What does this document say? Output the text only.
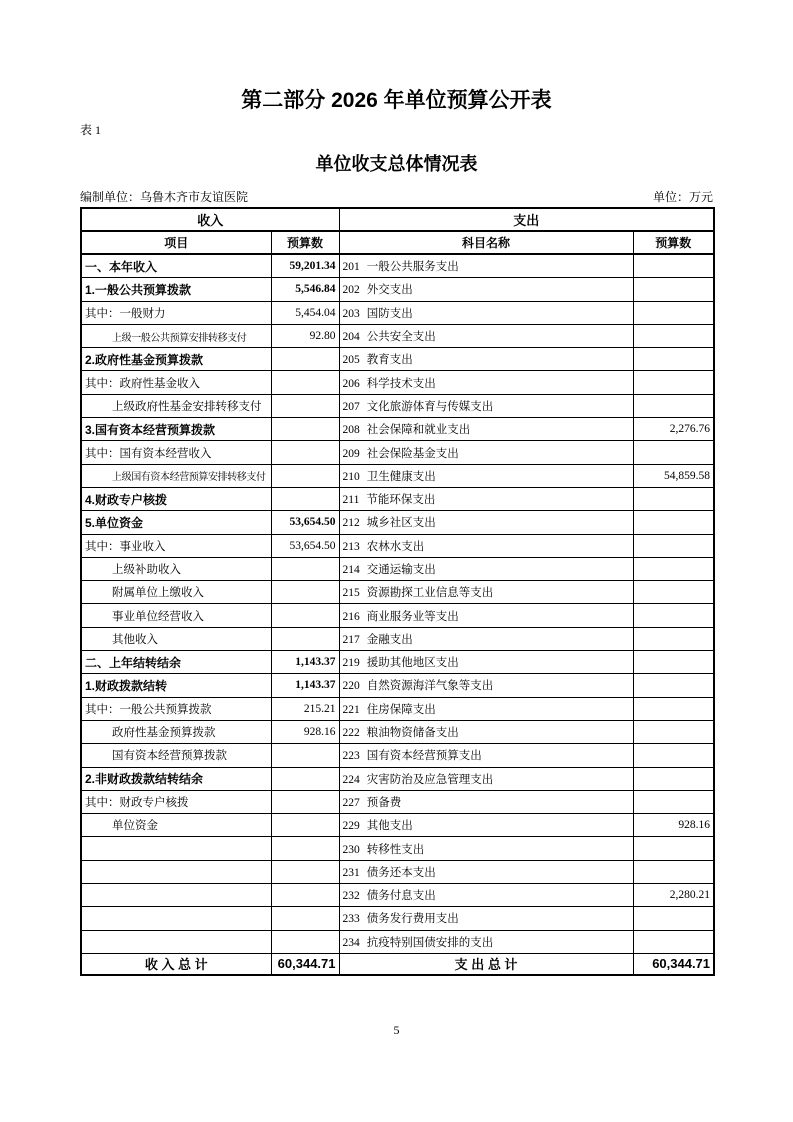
第二部分 2026 年单位预算公开表
表 1
单位收支总体情况表
编制单位：乌鲁木齐市友谊医院	单位：万元
收入		支出	
项目	预算数	科目名称	预算数
一、本年收入	59,201.34	201 一般公共服务支出	
1.一般公共预算拨款	5,546.84	202 外交支出	
其中：一般财力	5,454.04	203 国防支出	
上级一般公共预算安排转移支付	92.80	204 公共安全支出	
2.政府性基金预算拨款		205 教育支出	
其中：政府性基金收入		206 科学技术支出	
上级政府性基金安排转移支付		207 文化旅游体育与传媒支出	
3.国有资本经营预算拨款		208 社会保障和就业支出	2,276.76
其中：国有资本经营收入		209 社会保险基金支出	
上级国有资本经营预算安排转移支付		210 卫生健康支出	54,859.58
4.财政专户核拨		211 节能环保支出	
5.单位资金	53,654.50	212 城乡社区支出	
其中：事业收入	53,654.50	213 农林水支出	
上级补助收入		214 交通运输支出	
附属单位上缴收入		215 资源勘探工业信息等支出	
事业单位经营收入		216 商业服务业等支出	
其他收入		217 金融支出	
二、上年结转结余	1,143.37	219 援助其他地区支出	
1.财政拨款结转	1,143.37	220 自然资源海洋气象等支出	
其中：一般公共预算拨款	215.21	221 住房保障支出	
政府性基金预算拨款	928.16	222 粮油物资储备支出	
国有资本经营预算拨款		223 国有资本经营预算支出	
2.非财政拨款结转结余		224 灾害防治及应急管理支出	
其中：财政专户核拨		227 预备费	
单位资金		229 其他支出	928.16
		230 转移性支出	
		231 债务还本支出	
		232 债务付息支出	2,280.21
		233 债务发行费用支出	
		234 抗疫特别国债安排的支出	
收 入 总 计	60,344.71	支 出 总 计	60,344.71
5
